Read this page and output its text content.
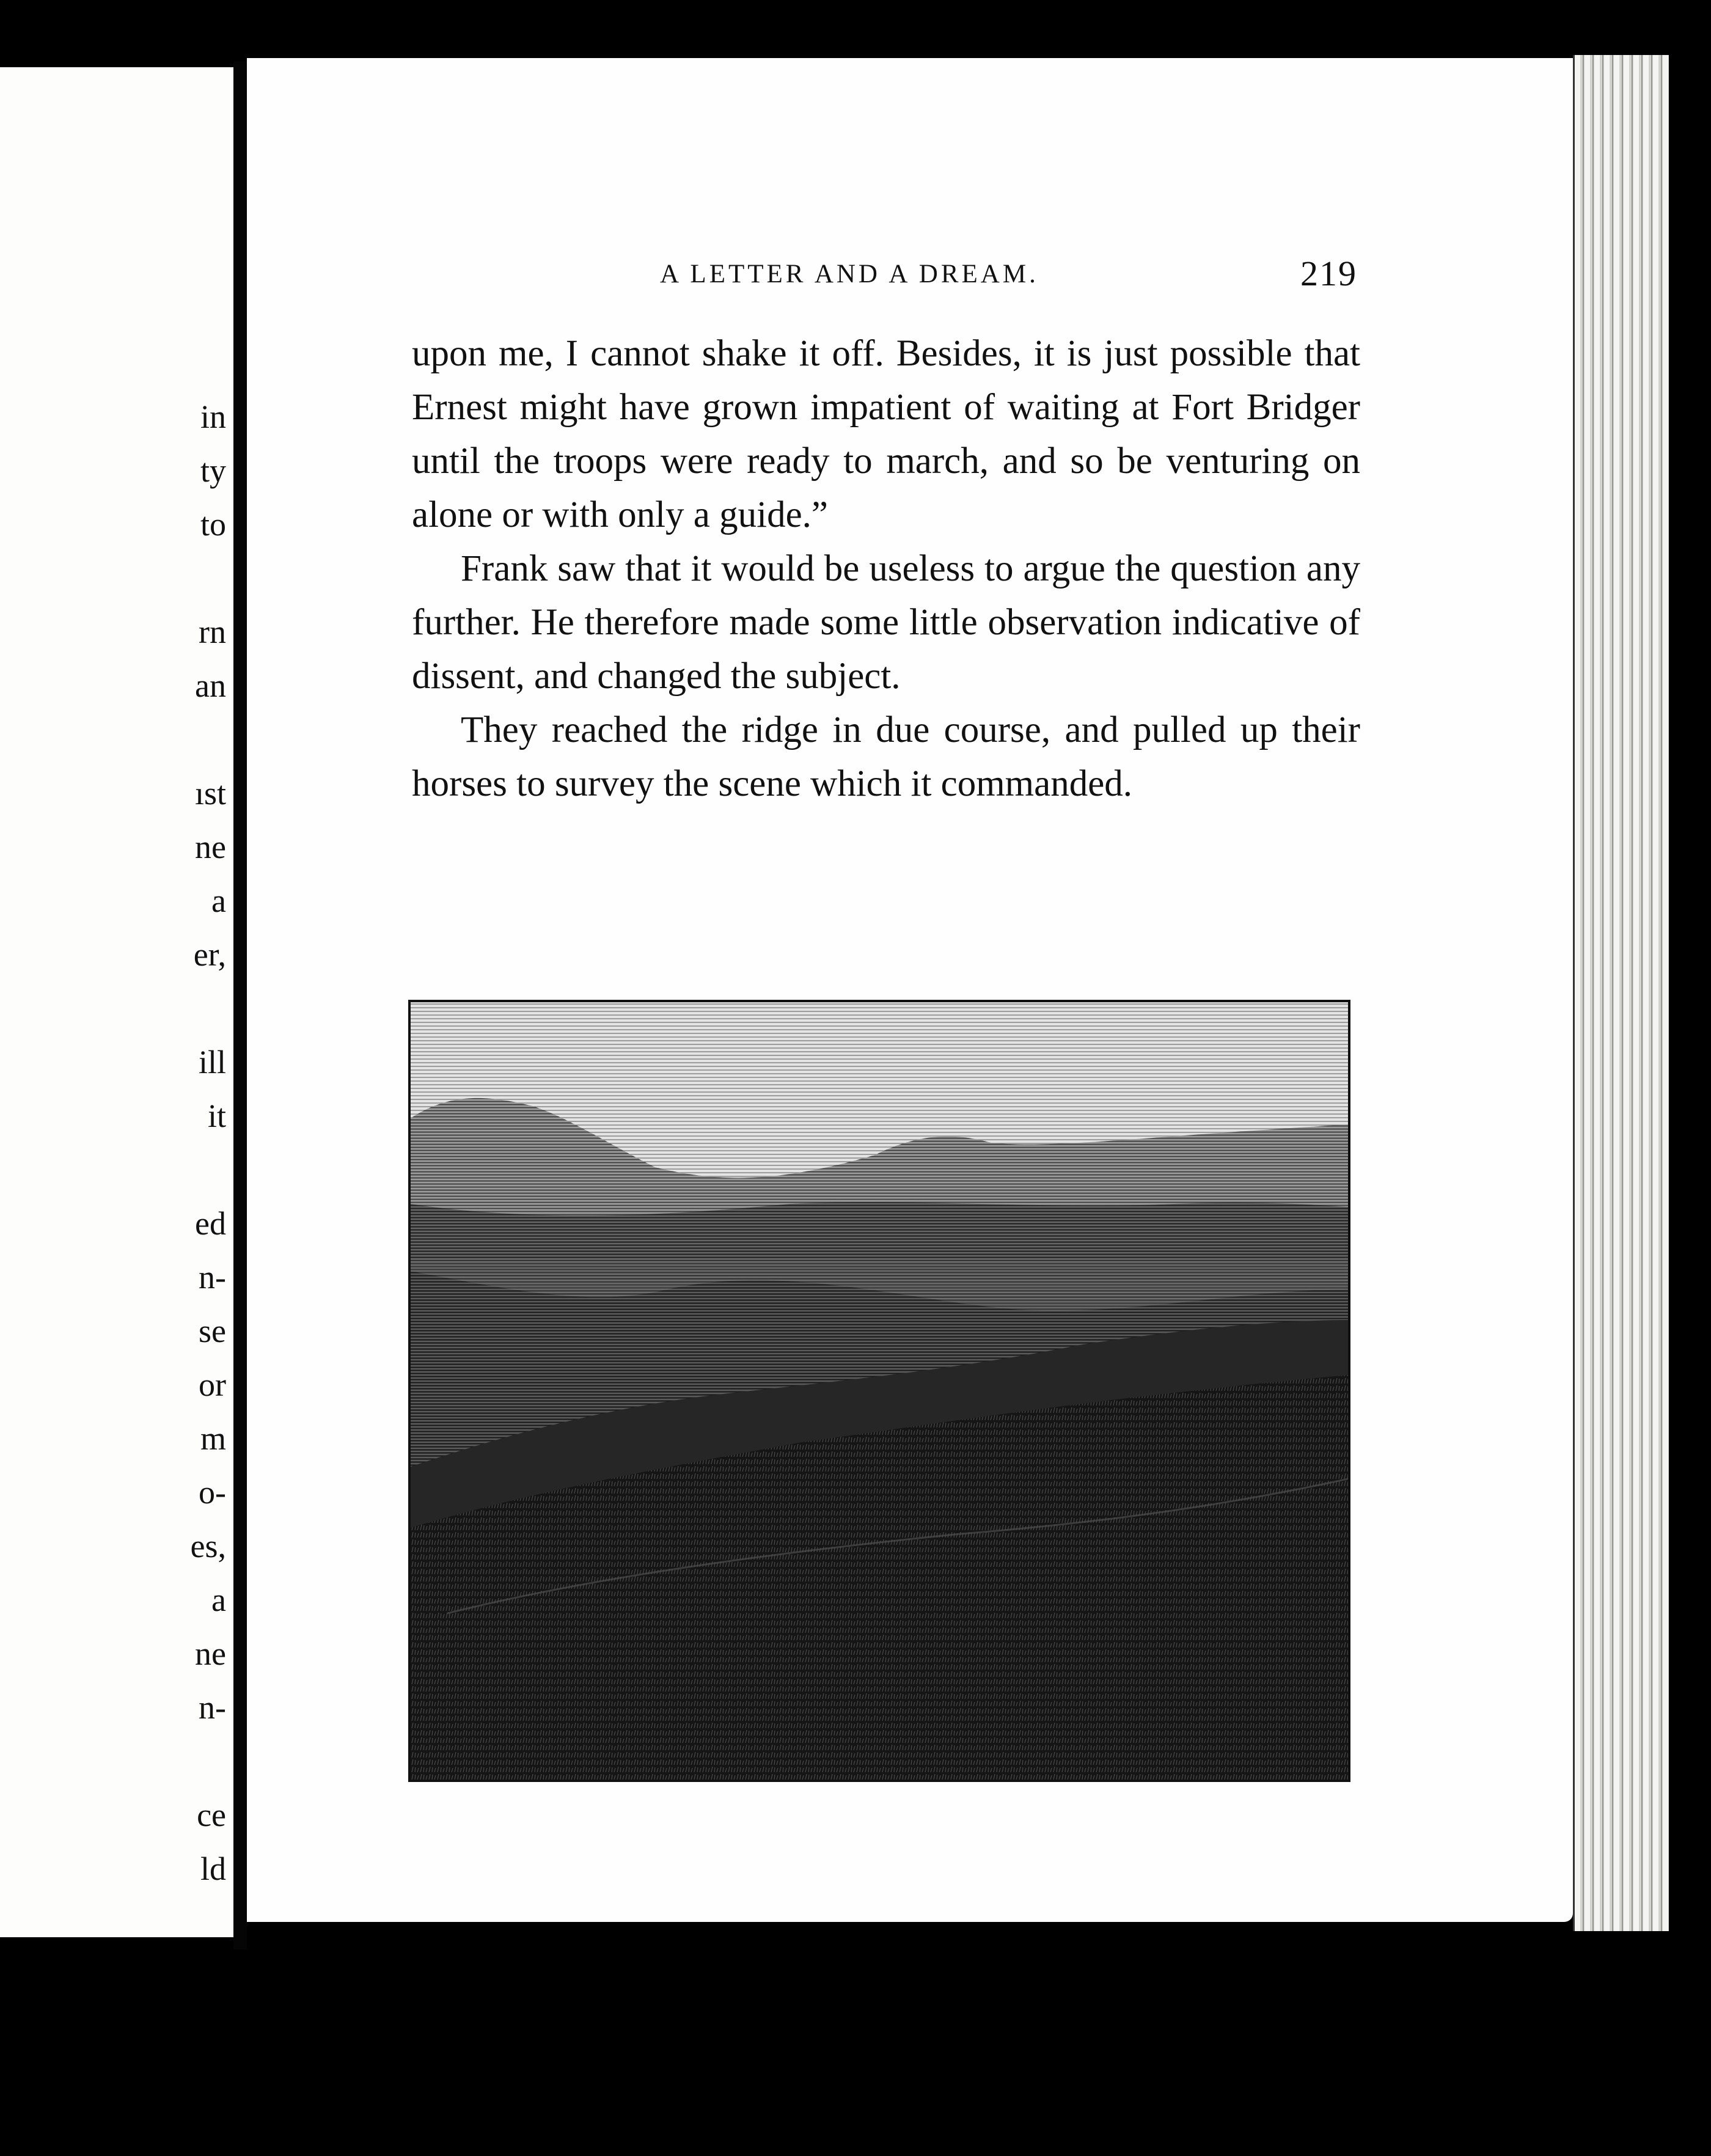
in
ty
to
rn
an
ıst
ne
a
er,
ill
it
ed
n-
se
or
m
o-
es,
a
ne
n-
ce
ld
A LETTER AND A DREAM.	219

upon me, I cannot shake it off. Besides, it is just possible that Ernest might have grown impatient of waiting at Fort Bridger until the troops were ready to march, and so be venturing on alone or with only a guide.”

Frank saw that it would be useless to argue the question any further. He therefore made some little observation indicative of dissent, and changed the subject.

They reached the ridge in due course, and pulled up their horses to survey the scene which it commanded.
